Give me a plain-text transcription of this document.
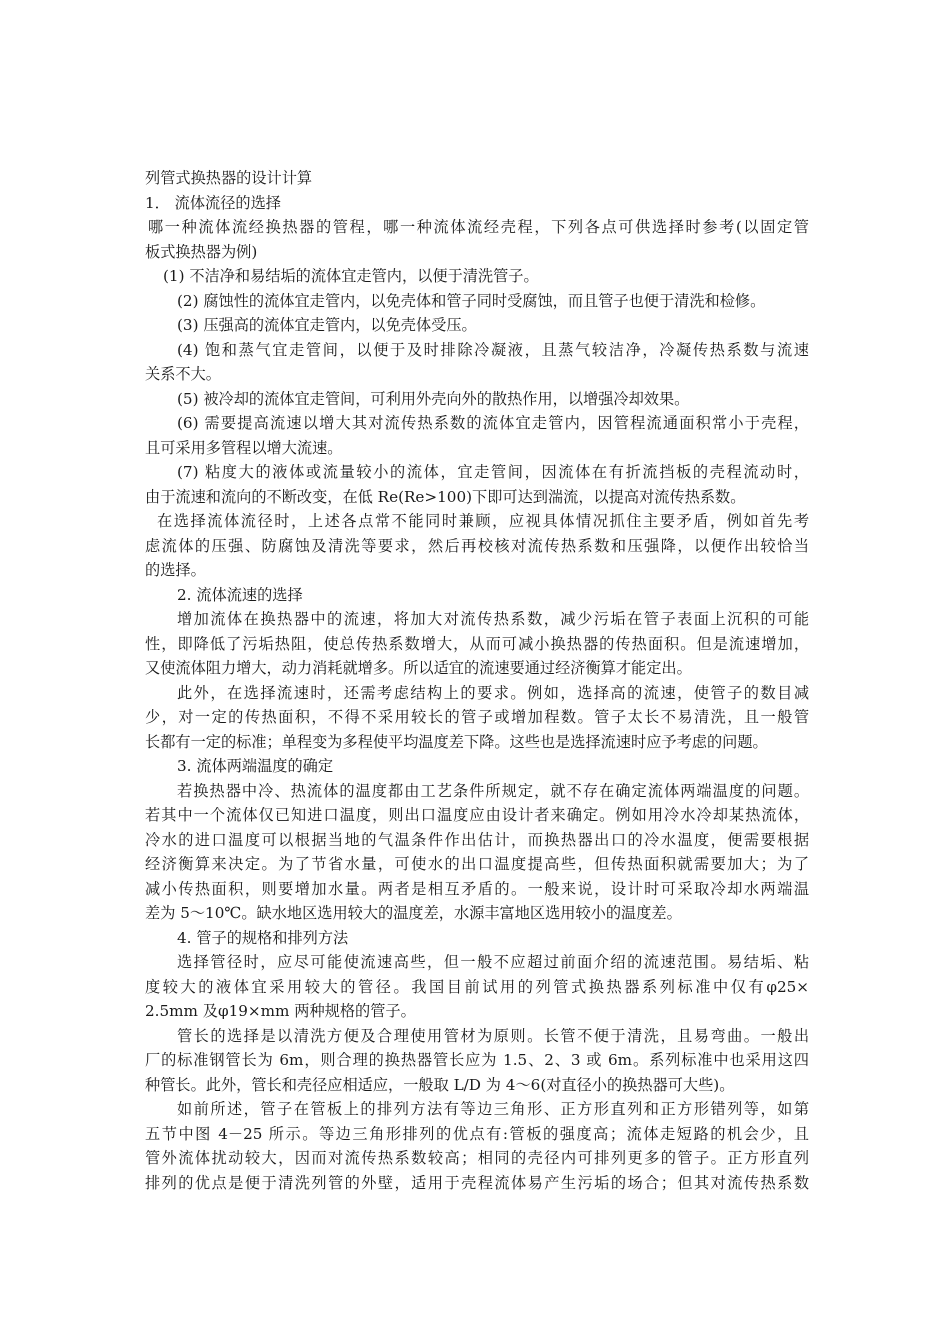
列管式换热器的设计计算
1． 流体流径的选择
哪一种流体流经换热器的管程，哪一种流体流经壳程，下列各点可供选择时参考(以固定管
板式换热器为例)
(1) 不洁净和易结垢的流体宜走管内，以便于清洗管子。
(2) 腐蚀性的流体宜走管内，以免壳体和管子同时受腐蚀，而且管子也便于清洗和检修。
(3) 压强高的流体宜走管内，以免壳体受压。
(4) 饱和蒸气宜走管间，以便于及时排除冷凝液，且蒸气较洁净，冷凝传热系数与流速
关系不大。
(5) 被冷却的流体宜走管间，可利用外壳向外的散热作用，以增强冷却效果。
(6) 需要提高流速以增大其对流传热系数的流体宜走管内，因管程流通面积常小于壳程，
且可采用多管程以增大流速。
(7) 粘度大的液体或流量较小的流体，宜走管间，因流体在有折流挡板的壳程流动时，
由于流速和流向的不断改变，在低 Re(Re>100)下即可达到湍流，以提高对流传热系数。
在选择流体流径时，上述各点常不能同时兼顾，应视具体情况抓住主要矛盾，例如首先考
虑流体的压强、防腐蚀及清洗等要求，然后再校核对流传热系数和压强降，以便作出较恰当
的选择。
2. 流体流速的选择
增加流体在换热器中的流速，将加大对流传热系数，减少污垢在管子表面上沉积的可能
性，即降低了污垢热阻，使总传热系数增大，从而可减小换热器的传热面积。但是流速增加，
又使流体阻力增大，动力消耗就增多。所以适宜的流速要通过经济衡算才能定出。
此外，在选择流速时，还需考虑结构上的要求。例如，选择高的流速，使管子的数目减
少，对一定的传热面积，不得不采用较长的管子或增加程数。管子太长不易清洗，且一般管
长都有一定的标准；单程变为多程使平均温度差下降。这些也是选择流速时应予考虑的问题。
3. 流体两端温度的确定
若换热器中冷、热流体的温度都由工艺条件所规定，就不存在确定流体两端温度的问题。
若其中一个流体仅已知进口温度，则出口温度应由设计者来确定。例如用冷水冷却某热流体，
冷水的进口温度可以根据当地的气温条件作出估计，而换热器出口的冷水温度，便需要根据
经济衡算来决定。为了节省水量，可使水的出口温度提高些，但传热面积就需要加大；为了
减小传热面积，则要增加水量。两者是相互矛盾的。一般来说，设计时可采取冷却水两端温
差为 5～10℃。缺水地区选用较大的温度差，水源丰富地区选用较小的温度差。
4. 管子的规格和排列方法
选择管径时，应尽可能使流速高些，但一般不应超过前面介绍的流速范围。易结垢、粘
度较大的液体宜采用较大的管径。我国目前试用的列管式换热器系列标准中仅有φ25×
2.5mm 及φ19×mm 两种规格的管子。
管长的选择是以清洗方便及合理使用管材为原则。长管不便于清洗，且易弯曲。一般出
厂的标准钢管长为 6m，则合理的换热器管长应为 1.5、2、3 或 6m。系列标准中也采用这四
种管长。此外，管长和壳径应相适应，一般取 L/D 为 4～6(对直径小的换热器可大些)。
如前所述，管子在管板上的排列方法有等边三角形、正方形直列和正方形错列等，如第
五节中图 4－25 所示。等边三角形排列的优点有:管板的强度高；流体走短路的机会少，且
管外流体扰动较大，因而对流传热系数较高；相同的壳径内可排列更多的管子。正方形直列
排列的优点是便于清洗列管的外壁，适用于壳程流体易产生污垢的场合；但其对流传热系数
